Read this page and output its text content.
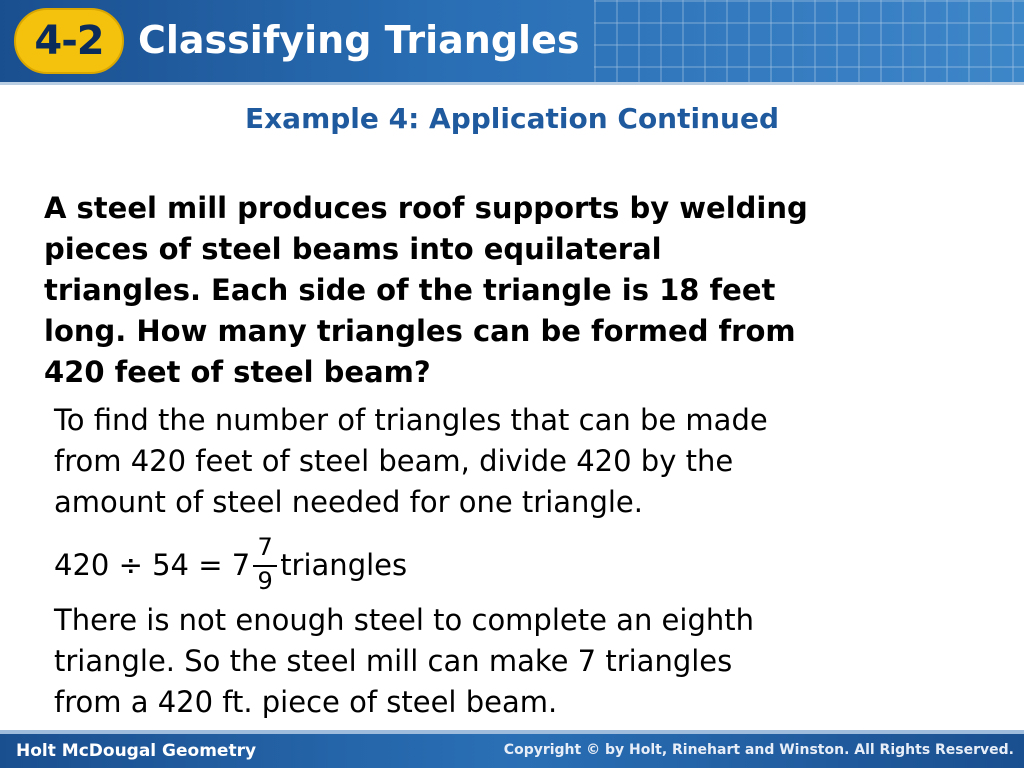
4-2 Classifying Triangles
Example 4: Application Continued
A steel mill produces roof supports by welding
pieces of steel beams into equilateral
triangles. Each side of the triangle is 18 feet
long. How many triangles can be formed from
420 feet of steel beam?
To find the number of triangles that can be made
from 420 feet of steel beam, divide 420 by the
amount of steel needed for one triangle.
$420 \div 54 = 7 \frac{7}{9}$ triangles
There is not enough steel to complete an eighth
triangle. So the steel mill can make 7 triangles
from a 420 ft. piece of steel beam.
Holt McDougal Geometry	Copyright © by Holt, Rinehart and Winston. All Rights Reserved.
